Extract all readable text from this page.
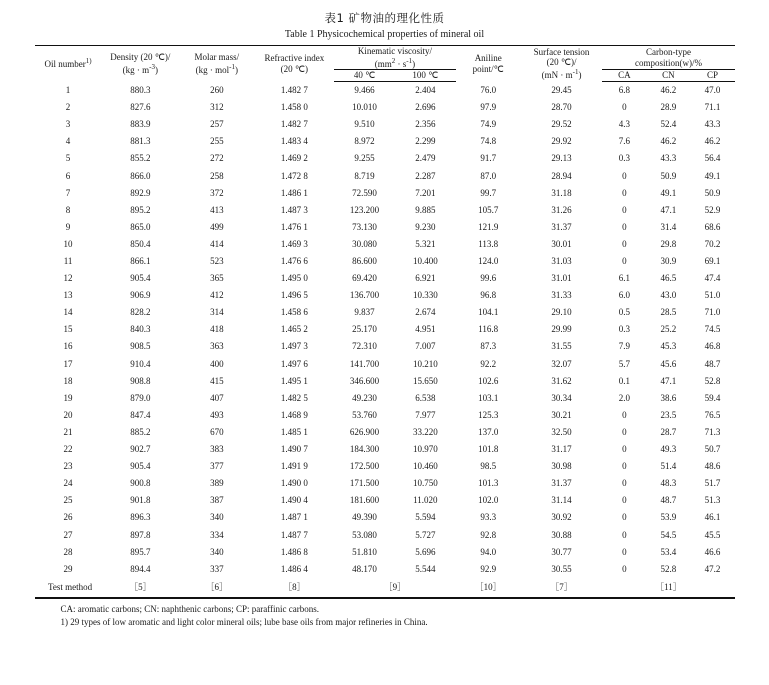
表1 矿物油的理化性质
Table 1 Physicochemical properties of mineral oil
Oil number$^{1)}$	Density (20 ℃)/
$(kg \cdot m^{-3})$

Molar mass/
(kg · mol$^{-1}$)

Refractive index
(20 ℃)

Kinematic viscosity/
$(mm^2 \cdot s^{-1})$

Aniline
point/℃

Surface tension
(20 ℃)/
$(mN \cdot m^{-1})$

Carbon-type
composition(w)/%

				40 ℃	100 ℃			CA	CN	CP

1	880.3	260	1.482 7	9.466	2.404	76.0	29.45	6.8	46.2	47.0
2	827.6	312	1.458 0	10.010	2.696	97.9	28.70	0	28.9	71.1
3	883.9	257	1.482 7	9.510	2.356	74.9	29.52	4.3	52.4	43.3
4	881.3	255	1.483 4	8.972	2.299	74.8	29.92	7.6	46.2	46.2
5	855.2	272	1.469 2	9.255	2.479	91.7	29.13	0.3	43.3	56.4
6	866.0	258	1.472 8	8.719	2.287	87.0	28.94	0	50.9	49.1
7	892.9	372	1.486 1	72.590	7.201	99.7	31.18	0	49.1	50.9
8	895.2	413	1.487 3	123.200	9.885	105.7	31.26	0	47.1	52.9
9	865.0	499	1.476 1	73.130	9.230	121.9	31.37	0	31.4	68.6
10	850.4	414	1.469 3	30.080	5.321	113.8	30.01	0	29.8	70.2
11	866.1	523	1.476 6	86.600	10.400	124.0	31.03	0	30.9	69.1
12	905.4	365	1.495 0	69.420	6.921	99.6	31.01	6.1	46.5	47.4
13	906.9	412	1.496 5	136.700	10.330	96.8	31.33	6.0	43.0	51.0
14	828.2	314	1.458 6	9.837	2.674	104.1	29.10	0.5	28.5	71.0
15	840.3	418	1.465 2	25.170	4.951	116.8	29.99	0.3	25.2	74.5
16	908.5	363	1.497 3	72.310	7.007	87.3	31.55	7.9	45.3	46.8
17	910.4	400	1.497 6	141.700	10.210	92.2	32.07	5.7	45.6	48.7
18	908.8	415	1.495 1	346.600	15.650	102.6	31.62	0.1	47.1	52.8
19	879.0	407	1.482 5	49.230	6.538	103.1	30.34	2.0	38.6	59.4
20	847.4	493	1.468 9	53.760	7.977	125.3	30.21	0	23.5	76.5
21	885.2	670	1.485 1	626.900	33.220	137.0	32.50	0	28.7	71.3
22	902.7	383	1.490 7	184.300	10.970	101.8	31.17	0	49.3	50.7
23	905.4	377	1.491 9	172.500	10.460	98.5	30.98	0	51.4	48.6
24	900.8	389	1.490 0	171.500	10.750	101.3	31.37	0	48.3	51.7
25	901.8	387	1.490 4	181.600	11.020	102.0	31.14	0	48.7	51.3
26	896.3	340	1.487 1	49.390	5.594	93.3	30.92	0	53.9	46.1
27	897.8	334	1.487 7	53.080	5.727	92.8	30.88	0	54.5	45.5
28	895.7	340	1.486 8	51.810	5.696	94.0	30.77	0	53.4	46.6
29	894.4	337	1.486 4	48.170	5.544	92.9	30.55	0	52.8	47.2
Test method	［5］	［6］	［8］	［9］		［10］	［7］	［11］		

CA: aromatic carbons; CN: naphthenic carbons; CP: paraffinic carbons.
1) 29 types of low aromatic and light color mineral oils; lube base oils from major refineries in China.
